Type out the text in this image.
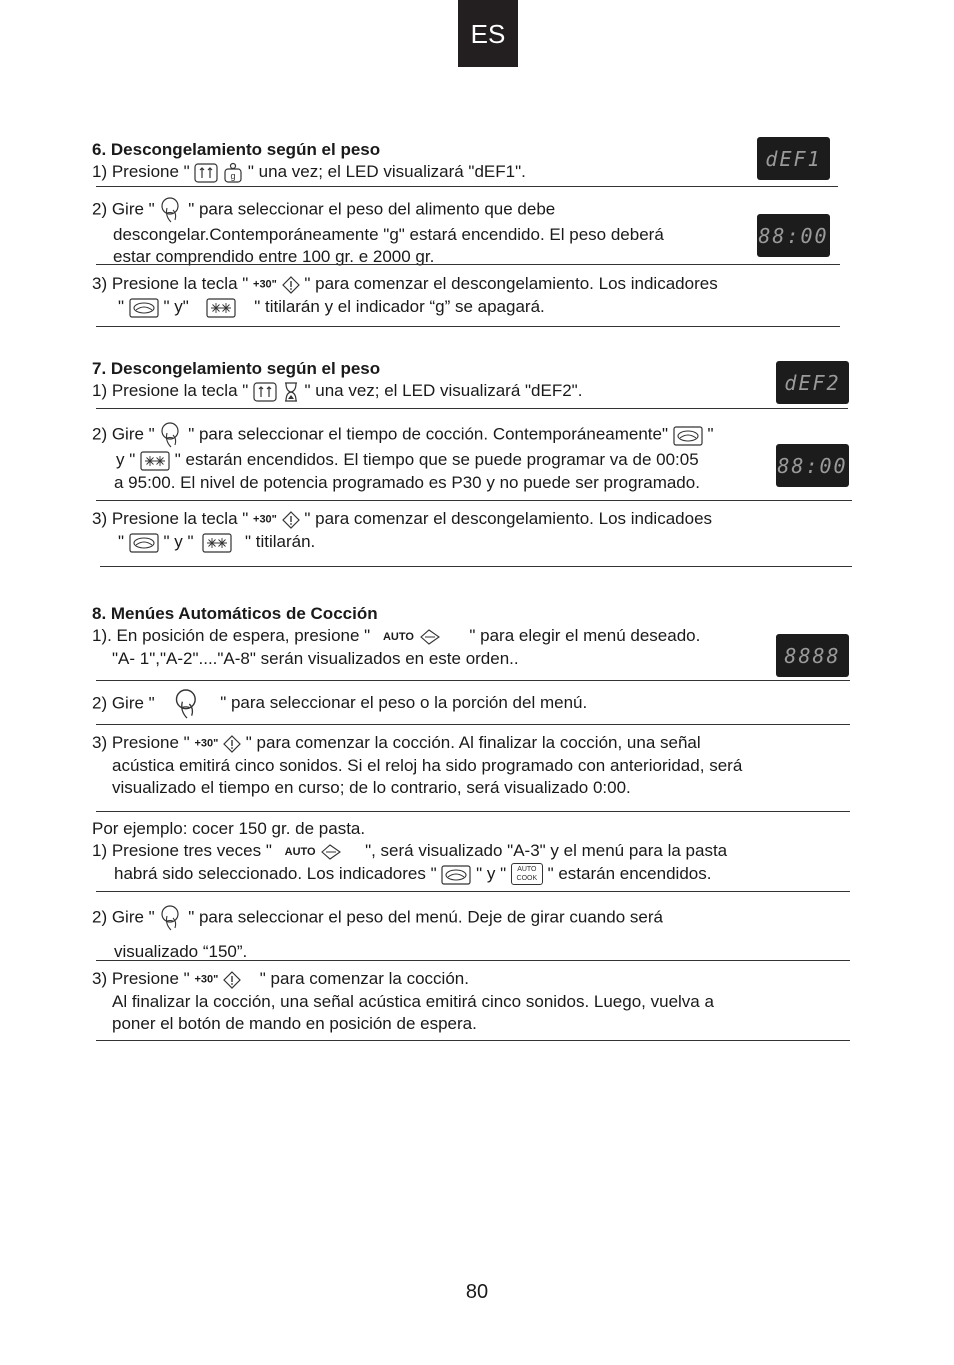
ES
6. Descongelamiento según el peso
1) Presione "	g " una vez; el LED visualizará "dEF1".
dEF1
2) Gire " " para seleccionar el peso del alimento que debe
descongelar.Contemporáneamente "g" estará encendido. El peso deberá
estar comprendido entre 100 gr. e 2000 gr.
88:00
3) Presione la tecla " +30" " para comenzar el descongelamiento. Los indicadores
" " y"	" titilarán y el indicador “g” se apagará.
7. Descongelamiento según el peso
1) Presione la tecla "	" una vez; el LED visualizará "dEF2".	dEF2
2) Gire " " para seleccionar el tiempo de cocción. Contemporáneamente" "
y " " estarán encendidos. El tiempo que se puede programar va de 00:05
a 95:00. El nivel de potencia programado es P30 y no puede ser programado.
88:00
3) Presione la tecla " +30" " para comenzar el descongelamiento. Los indicadoes
" " y "	" titilarán.
8. Menúes Automáticos de Cocción
1). En posición de espera, presione " AUTO	" para elegir el menú deseado.
"A- 1","A-2"...."A-8" serán visualizados en este orden..	8888
2) Gire "	" para seleccionar el peso o la porción del menú.
3) Presione " +30" " para comenzar la cocción. Al finalizar la cocción, una señal
acústica emitirá cinco sonidos. Si el reloj ha sido programado con anterioridad, será
visualizado el tiempo en curso; de lo contrario, será visualizado 0:00.
Por ejemplo: cocer 150 gr. de pasta.
1) Presione tres veces " AUTO	", será visualizado "A-3" y el menú para la pasta
habrá sido seleccionado. Los indicadores " " y " AUTO
COOK " estarán encendidos.
2) Gire " " para seleccionar el peso del menú. Deje de girar cuando será
visualizado “150”.
3) Presione " +30" " para comenzar la cocción.
Al finalizar la cocción, una señal acústica emitirá cinco sonidos. Luego, vuelva a
poner el botón de mando en posición de espera.
80
